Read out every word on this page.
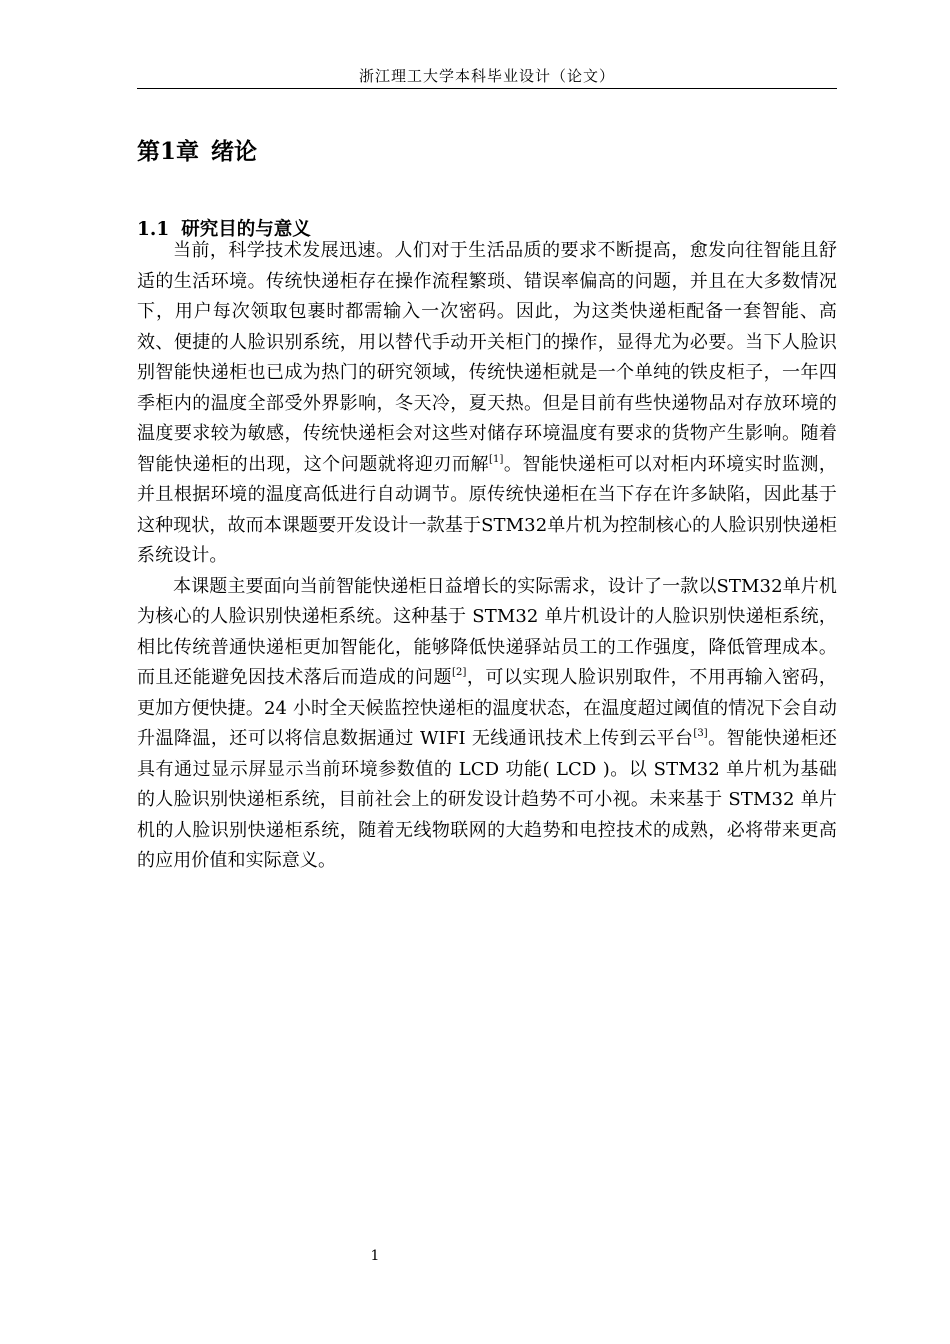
浙江理工大学本科毕业设计（论文）
第1章 绪论
1.1 研究目的与意义

当前，科学技术发展迅速。人们对于生活品质的要求不断提高，愈发向往智能且舒适的生活环境。传统快递柜存在操作流程繁琐、错误率偏高的问题，并且在大多数情况下，用户每次领取包裹时都需输入一次密码。因此，为这类快递柜配备一套智能、高效、便捷的人脸识别系统，用以替代手动开关柜门的操作，显得尤为必要。当下人脸识别智能快递柜也已成为热门的研究领域，传统快递柜就是一个单纯的铁皮柜子，一年四季柜内的温度全部受外界影响，冬天冷，夏天热。但是目前有些快递物品对存放环境的温度要求较为敏感，传统快递柜会对这些对储存环境温度有要求的货物产生影响。随着智能快递柜的出现，这个问题就将迎刃而解[1]。智能快递柜可以对柜内环境实时监测，并且根据环境的温度高低进行自动调节。原传统快递柜在当下存在许多缺陷，因此基于这种现状，故而本课题要开发设计一款基于STM32单片机为控制核心的人脸识别快递柜系统设计。

本课题主要面向当前智能快递柜日益增长的实际需求，设计了一款以STM32单片机为核心的人脸识别快递柜系统。这种基于 STM32 单片机设计的人脸识别快递柜系统，相比传统普通快递柜更加智能化，能够降低快递驿站员工的工作强度，降低管理成本。而且还能避免因技术落后而造成的问题[2]，可以实现人脸识别取件，不用再输入密码，更加方便快捷。24 小时全天候监控快递柜的温度状态，在温度超过阈值的情况下会自动升温降温，还可以将信息数据通过 WIFI 无线通讯技术上传到云平台[3]。智能快递柜还具有通过显示屏显示当前环境参数值的 LCD 功能( LCD )。以 STM32 单片机为基础的人脸识别快递柜系统，目前社会上的研发设计趋势不可小视。未来基于 STM32 单片机的人脸识别快递柜系统，随着无线物联网的大趋势和电控技术的成熟，必将带来更高的应用价值和实际意义。

1
